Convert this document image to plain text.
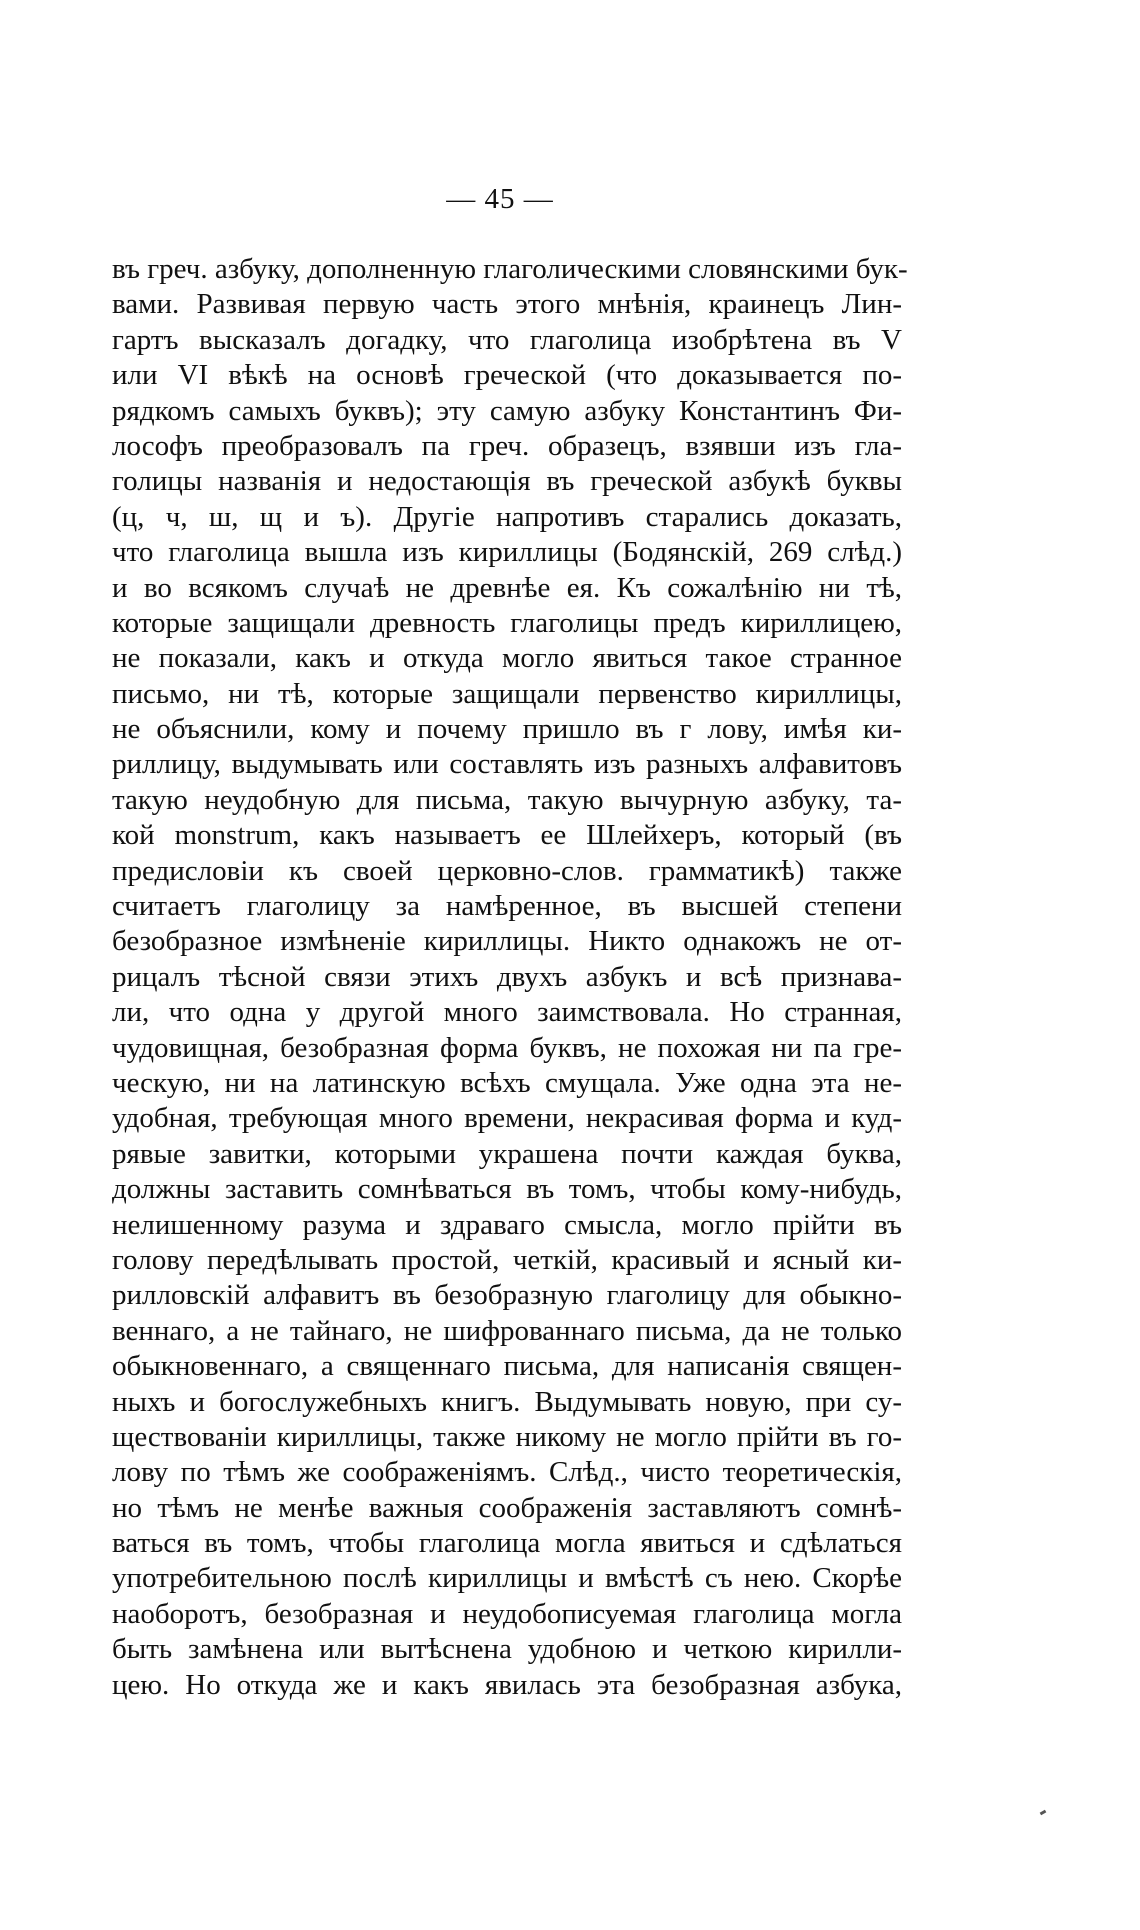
— 45 —
въ греч. азбуку, дополненную глаголическими словянскими бук-
вами. Развивая первую часть этого мнѣнія, краинецъ Лин-
гартъ высказалъ догадку, что глаголица изобрѣтена въ V
или VI вѣкѣ на основѣ греческой (что доказывается по-
рядкомъ самыхъ буквъ); эту самую азбуку Константинъ Фи-
лософъ преобразовалъ па греч. образецъ, взявши изъ гла-
голицы названія и недостающія въ греческой азбукѣ буквы
(ц, ч, ш, щ и ъ). Другіе напротивъ старались доказать,
что глаголица вышла изъ кириллицы (Бодянскій, 269 слѣд.)
и во всякомъ случаѣ не древнѣе ея. Къ сожалѣнію ни тѣ,
которые защищали древность глаголицы предъ кириллицею,
не показали, какъ и откуда могло явиться такое странное
письмо, ни тѣ, которые защищали первенство кириллицы,
не объяснили, кому и почему пришло въ г лову, имѣя ки-
риллицу, выдумывать или составлять изъ разныхъ алфавитовъ
такую неудобную для письма, такую вычурную азбуку, та-
кой monstrum, какъ называетъ ее Шлейхеръ, который (въ
предисловіи къ своей церковно-слов. грамматикѣ) также
считаетъ глаголицу за намѣренное, въ высшей степени
безобразное измѣненіе кириллицы. Никто однакожъ не от-
рицалъ тѣсной связи этихъ двухъ азбукъ и всѣ признава-
ли, что одна у другой много заимствовала. Но странная,
чудовищная, безобразная форма буквъ, не похожая ни па гре-
ческую, ни на латинскую всѣхъ смущала. Уже одна эта не-
удобная, требующая много времени, некрасивая форма и куд-
рявые завитки, которыми украшена почти каждая буква,
должны заставить сомнѣваться въ томъ, чтобы кому-нибудь,
нелишенному разума и здраваго смысла, могло прійти въ
голову передѣлывать простой, четкій, красивый и ясный ки-
рилловскій алфавитъ въ безобразную глаголицу для обыкно-
веннаго, а не тайнаго, не шифрованнаго письма, да не только
обыкновеннаго, а священнаго письма, для написанія священ-
ныхъ и богослужебныхъ книгъ. Выдумывать новую, при су-
ществованіи кириллицы, также никому не могло прійти въ го-
лову по тѣмъ же соображеніямъ. Слѣд., чисто теоретическія,
но тѣмъ не менѣе важныя соображенія заставляютъ сомнѣ-
ваться въ томъ, чтобы глаголица могла явиться и сдѣлаться
употребительною послѣ кириллицы и вмѣстѣ съ нею. Скорѣе
наоборотъ, безобразная и неудобописуемая глаголица могла
быть замѣнена или вытѣснена удобною и четкою кирилли-
цею. Но откуда же и какъ явилась эта безобразная азбука,
